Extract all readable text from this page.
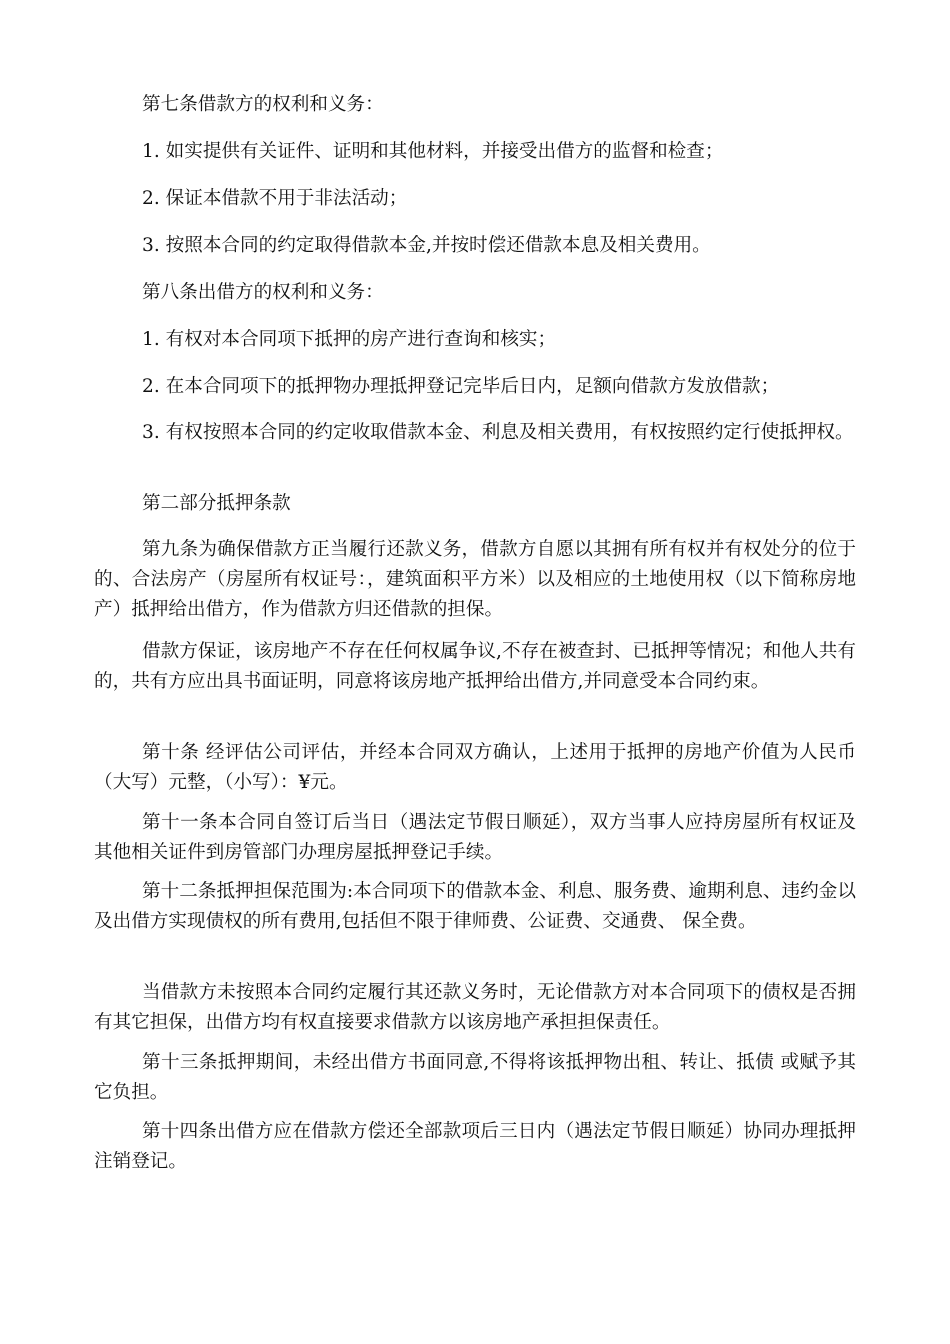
第七条借款方的权利和义务：

1. 如实提供有关证件、证明和其他材料，并接受出借方的监督和检查；

2. 保证本借款不用于非法活动；

3. 按照本合同的约定取得借款本金,并按时偿还借款本息及相关费用。

第八条出借方的权利和义务：

1. 有权对本合同项下抵押的房产进行查询和核实；

2. 在本合同项下的抵押物办理抵押登记完毕后日内，足额向借款方发放借款；

3. 有权按照本合同的约定收取借款本金、利息及相关费用，有权按照约定行使抵押权。

第二部分抵押条款

第九条为确保借款方正当履行还款义务，借款方自愿以其拥有所有权并有权处分的位于的、合法房产（房屋所有权证号：，建筑面积平方米）以及相应的土地使用权（以下简称房地产）抵押给出借方，作为借款方归还借款的担保。

借款方保证，该房地产不存在任何权属争议,不存在被查封、已抵押等情况；和他人共有的，共有方应出具书面证明，同意将该房地产抵押给出借方,并同意受本合同约束。

第十条 经评估公司评估，并经本合同双方确认，上述用于抵押的房地产价值为人民币（大写）元整，（小写）：¥元。

第十一条本合同自签订后当日（遇法定节假日顺延），双方当事人应持房屋所有权证及其他相关证件到房管部门办理房屋抵押登记手续。

第十二条抵押担保范围为:本合同项下的借款本金、利息、服务费、逾期利息、违约金以及出借方实现债权的所有费用,包括但不限于律师费、公证费、交通费、 保全费。

当借款方未按照本合同约定履行其还款义务时，无论借款方对本合同项下的债权是否拥有其它担保，出借方均有权直接要求借款方以该房地产承担担保责任。

第十三条抵押期间，未经出借方书面同意,不得将该抵押物出租、转让、抵债 或赋予其它负担。

第十四条出借方应在借款方偿还全部款项后三日内（遇法定节假日顺延）协同办理抵押注销登记。
